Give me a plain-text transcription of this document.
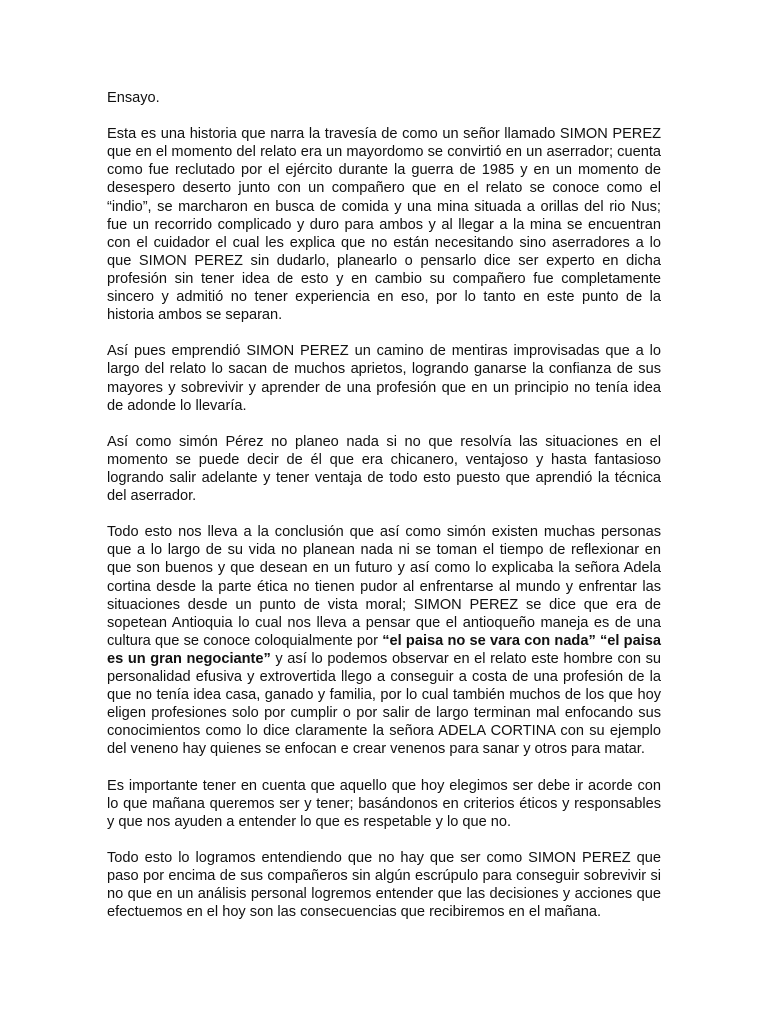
Ensayo.

Esta es una historia que narra la travesía de como un señor llamado SIMON PEREZ que en el momento del relato era un mayordomo se convirtió en un aserrador; cuenta como fue reclutado por el ejército durante la guerra de 1985 y en un momento de desespero deserto junto con un compañero que en el relato se conoce como el “indio”, se marcharon en busca de comida y una mina situada a orillas del rio Nus; fue un recorrido complicado y duro para ambos y al llegar a la mina se encuentran con el cuidador el cual les explica que no están necesitando sino aserradores a lo que SIMON PEREZ sin dudarlo, planearlo o pensarlo dice ser experto en dicha profesión sin tener idea de esto y en cambio su compañero fue completamente sincero y admitió no tener experiencia en eso, por lo tanto en este punto de la historia ambos se separan.

Así pues emprendió SIMON PEREZ un camino de mentiras improvisadas que a lo largo del relato lo sacan de muchos aprietos, logrando ganarse la confianza de sus mayores y sobrevivir y aprender de una profesión que en un principio no tenía idea de adonde lo llevaría.

Así como simón Pérez no planeo nada si no que resolvía las situaciones en el momento se puede decir de él que era chicanero, ventajoso y hasta fantasioso logrando salir adelante y tener ventaja de todo esto puesto que aprendió la técnica del aserrador.

Todo esto nos lleva a la conclusión que así como simón existen muchas personas que a lo largo de su vida no planean nada ni se toman el tiempo de reflexionar en que son buenos y que desean en un futuro y así como lo explicaba la señora Adela cortina desde la parte ética no tienen pudor al enfrentarse al mundo y enfrentar las situaciones desde un punto de vista moral; SIMON PEREZ se dice que era de sopetean Antioquia lo cual nos lleva a pensar que el antioqueño maneja es de una cultura que se conoce coloquialmente por “el paisa no se vara con nada” “el paisa es un gran negociante” y así lo podemos observar en el relato este hombre con su personalidad efusiva y extrovertida llego a conseguir a costa de una profesión de la que no tenía idea casa, ganado y familia, por lo cual también muchos de los que hoy eligen profesiones solo por cumplir o por salir de largo terminan mal enfocando sus conocimientos como lo dice claramente la señora ADELA CORTINA con su ejemplo del veneno hay quienes se enfocan e crear venenos para sanar y otros para matar.

Es importante tener en cuenta que aquello que hoy elegimos ser debe ir acorde con lo que mañana queremos ser y tener; basándonos en criterios éticos y responsables y que nos ayuden a entender lo que es respetable y lo que no.

Todo esto lo logramos entendiendo que no hay que ser como SIMON PEREZ que paso por encima de sus compañeros sin algún escrúpulo para conseguir sobrevivir si no que en un análisis personal logremos entender que las decisiones y acciones que efectuemos en el hoy son las consecuencias que recibiremos en el mañana.
